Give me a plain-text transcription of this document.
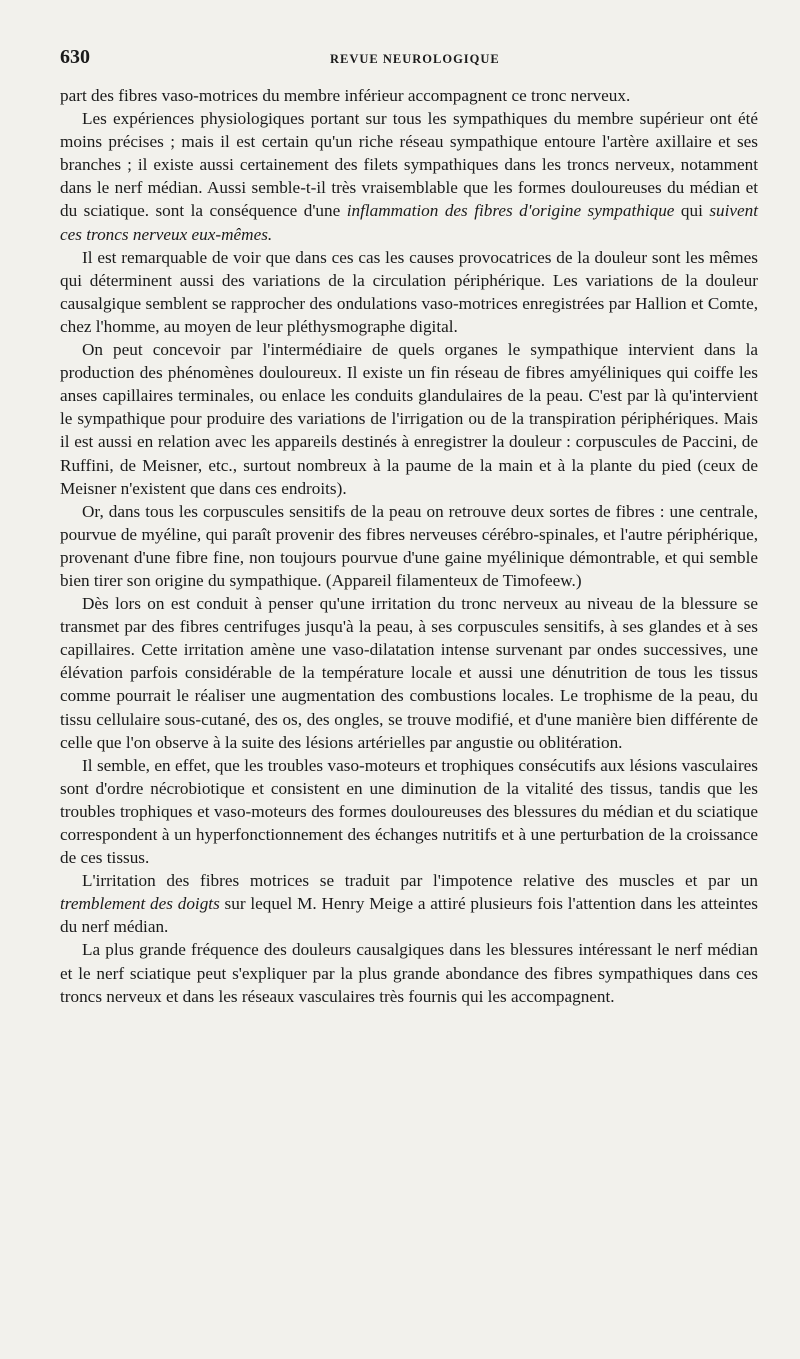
630	REVUE NEUROLOGIQUE

part des fibres vaso-motrices du membre inférieur accompagnent ce tronc nerveux.

Les expériences physiologiques portant sur tous les sympathiques du membre supérieur ont été moins précises ; mais il est certain qu'un riche réseau sympathique entoure l'artère axillaire et ses branches ; il existe aussi certainement des filets sympathiques dans les troncs nerveux, notamment dans le nerf médian. Aussi semble-t-il très vraisemblable que les formes douloureuses du médian et du sciatique. sont la conséquence d'une inflammation des fibres d'origine sympathique qui suivent ces troncs nerveux eux-mêmes.

Il est remarquable de voir que dans ces cas les causes provocatrices de la douleur sont les mêmes qui déterminent aussi des variations de la circulation périphérique. Les variations de la douleur causalgique semblent se rapprocher des ondulations vaso-motrices enregistrées par Hallion et Comte, chez l'homme, au moyen de leur pléthysmographe digital.

On peut concevoir par l'intermédiaire de quels organes le sympathique intervient dans la production des phénomènes douloureux. Il existe un fin réseau de fibres amyéliniques qui coiffe les anses capillaires terminales, ou enlace les conduits glandulaires de la peau. C'est par là qu'intervient le sympathique pour produire des variations de l'irrigation ou de la transpiration périphériques. Mais il est aussi en relation avec les appareils destinés à enregistrer la douleur : corpuscules de Paccini, de Ruffini, de Meisner, etc., surtout nombreux à la paume de la main et à la plante du pied (ceux de Meisner n'existent que dans ces endroits).

Or, dans tous les corpuscules sensitifs de la peau on retrouve deux sortes de fibres : une centrale, pourvue de myéline, qui paraît provenir des fibres nerveuses cérébro-spinales, et l'autre périphérique, provenant d'une fibre fine, non toujours pourvue d'une gaine myélinique démontrable, et qui semble bien tirer son origine du sympathique. (Appareil filamenteux de Timofeew.)

Dès lors on est conduit à penser qu'une irritation du tronc nerveux au niveau de la blessure se transmet par des fibres centrifuges jusqu'à la peau, à ses corpuscules sensitifs, à ses glandes et à ses capillaires. Cette irritation amène une vaso-dilatation intense survenant par ondes successives, une élévation parfois considérable de la température locale et aussi une dénutrition de tous les tissus comme pourrait le réaliser une augmentation des combustions locales. Le trophisme de la peau, du tissu cellulaire sous-cutané, des os, des ongles, se trouve modifié, et d'une manière bien différente de celle que l'on observe à la suite des lésions artérielles par angustie ou oblitération.

Il semble, en effet, que les troubles vaso-moteurs et trophiques consécutifs aux lésions vasculaires sont d'ordre nécrobiotique et consistent en une diminution de la vitalité des tissus, tandis que les troubles trophiques et vaso-moteurs des formes douloureuses des blessures du médian et du sciatique correspondent à un hyperfonctionnement des échanges nutritifs et à une perturbation de la croissance de ces tissus.

L'irritation des fibres motrices se traduit par l'impotence relative des muscles et par un tremblement des doigts sur lequel M. Henry Meige a attiré plusieurs fois l'attention dans les atteintes du nerf médian.

La plus grande fréquence des douleurs causalgiques dans les blessures intéressant le nerf médian et le nerf sciatique peut s'expliquer par la plus grande abondance des fibres sympathiques dans ces troncs nerveux et dans les réseaux vasculaires très fournis qui les accompagnent.
